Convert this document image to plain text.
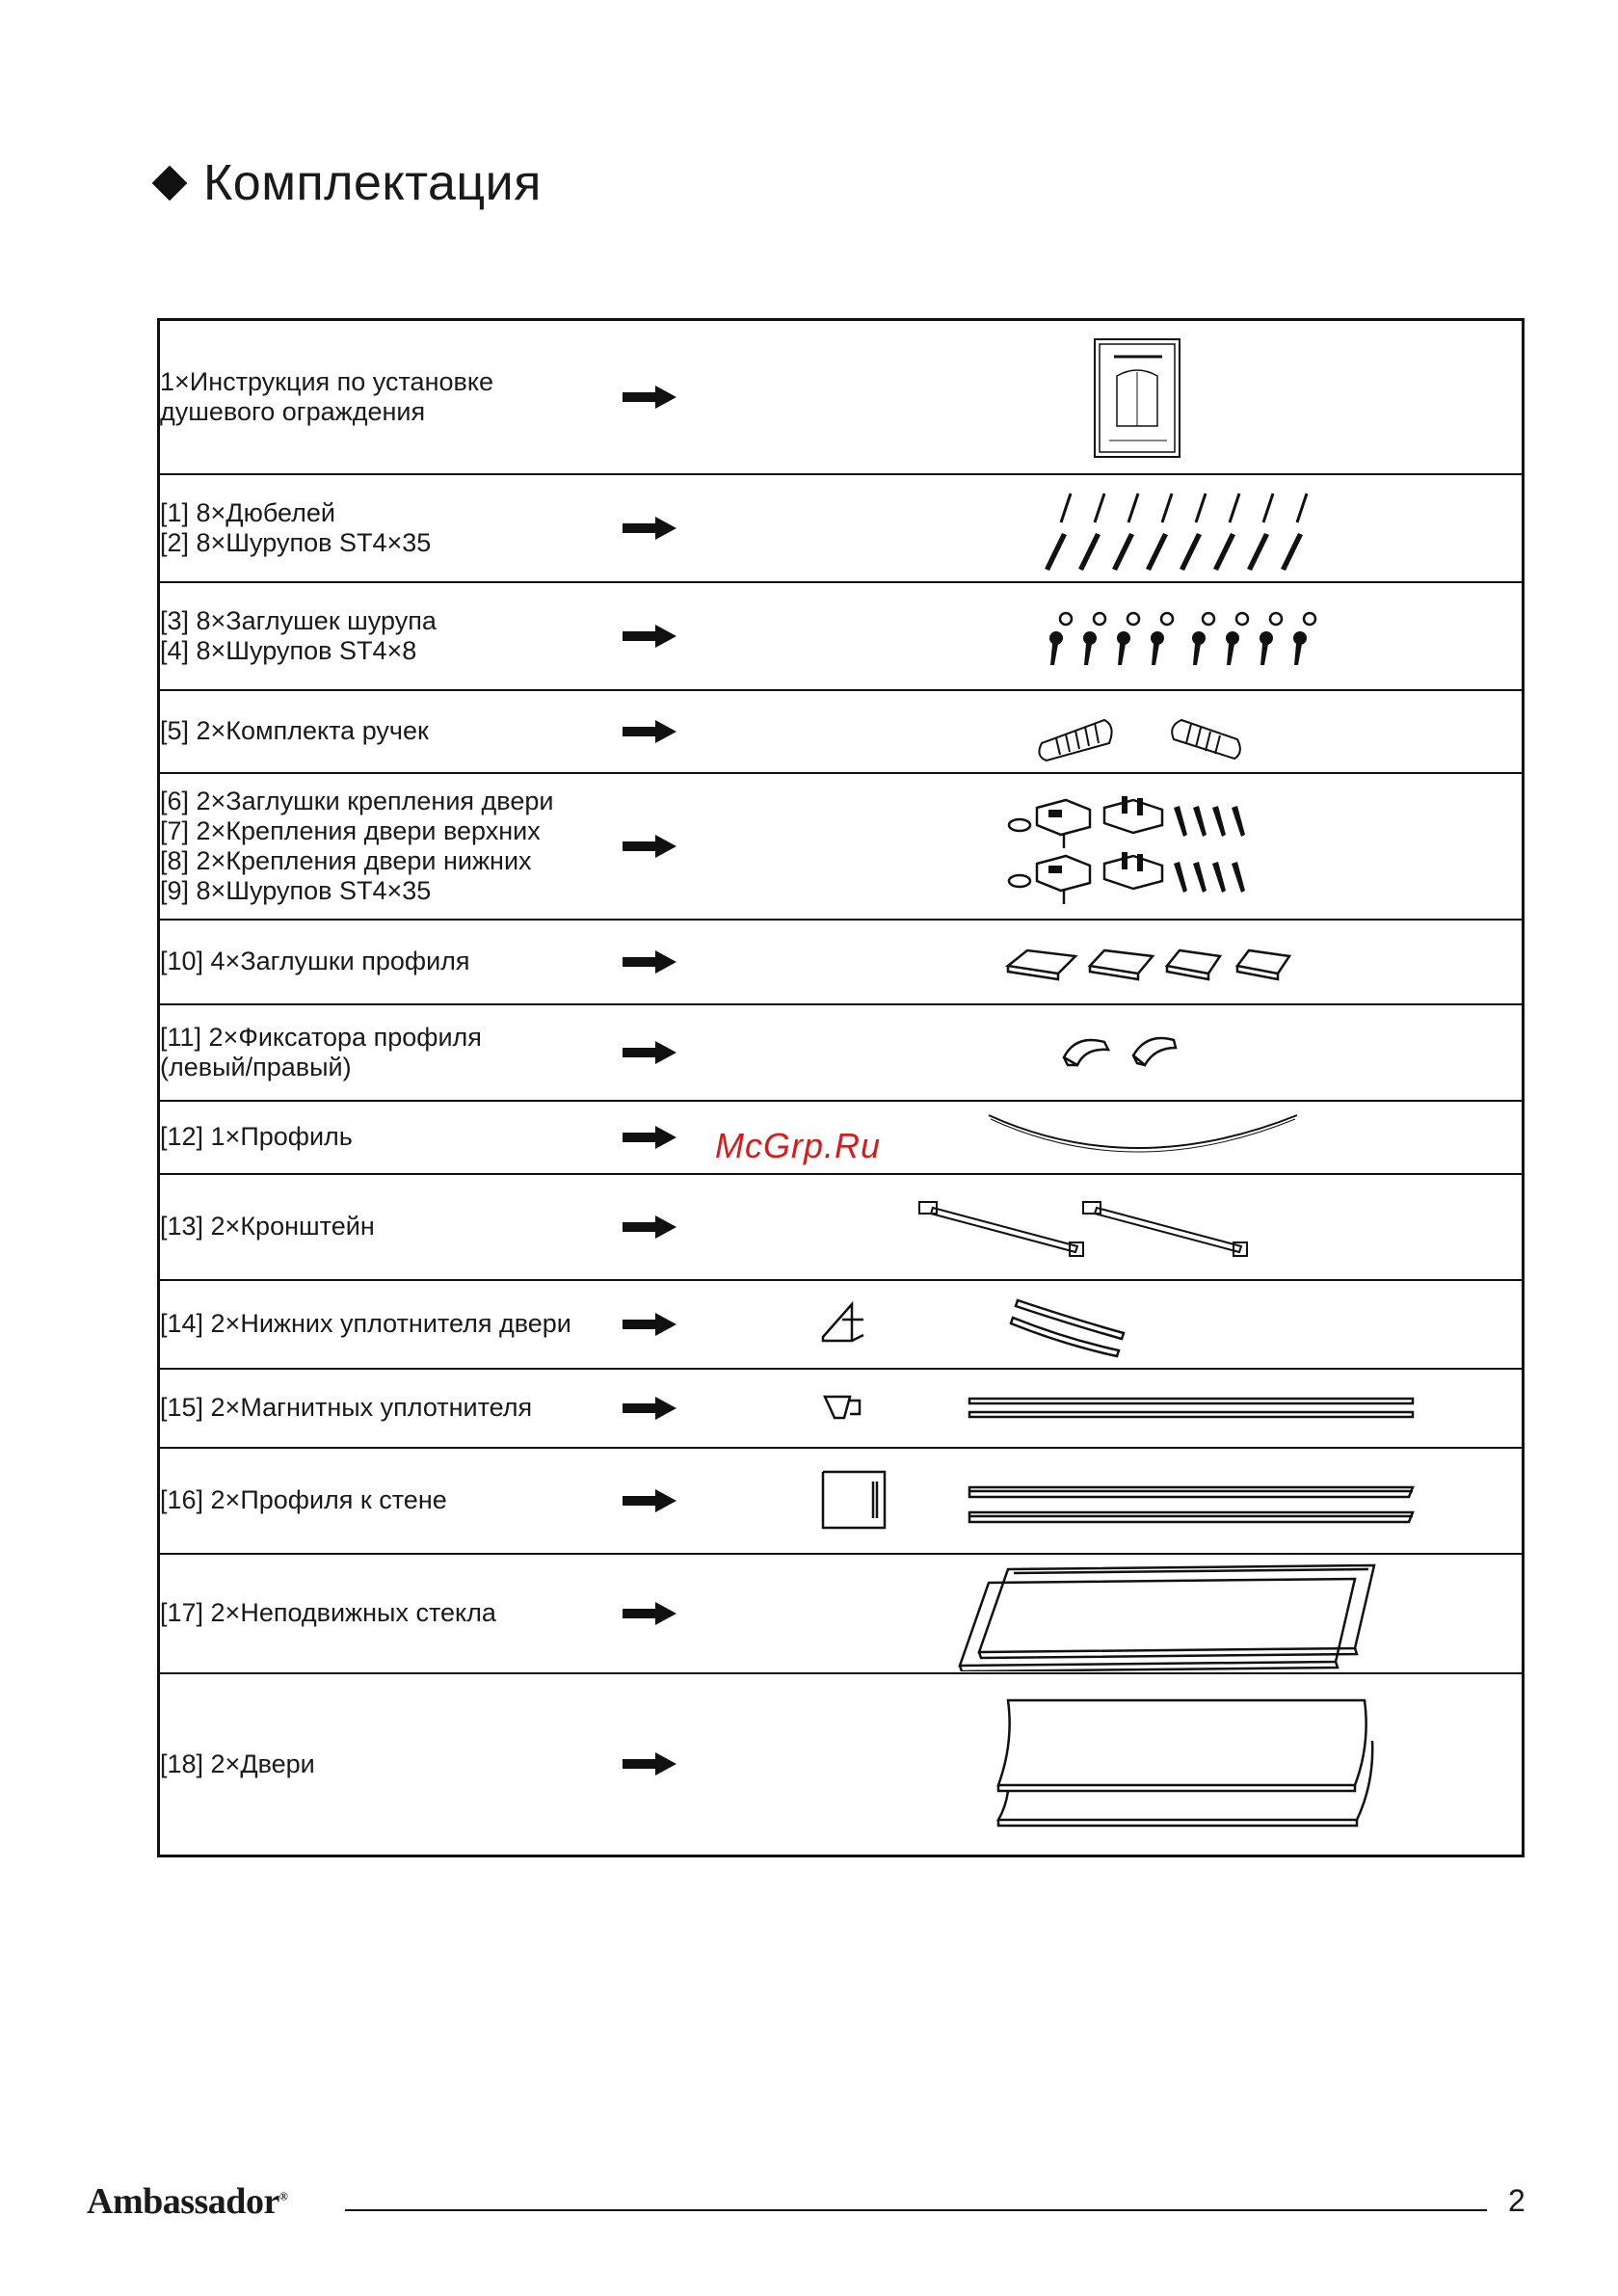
Комплектация
1×Инструкция по установке
душевого ограждения

[1] 8×Дюбелей
[2] 8×Шурупов ST4×35

[3] 8×Заглушек шурупа
[4] 8×Шурупов ST4×8

[5] 2×Комплекта ручек

[6] 2×Заглушки крепления двери
[7] 2×Крепления двери верхних
[8] 2×Крепления двери нижних
[9] 8×Шурупов ST4×35

[10] 4×Заглушки профиля

[11] 2×Фиксатора профиля
(левый/правый)

[12] 1×Профиль

[13] 2×Кронштейн

[14] 2×Нижних уплотнителя двери

[15] 2×Магнитных уплотнителя

[16] 2×Профиля к стене

[17] 2×Неподвижных стекла

[18] 2×Двери

McGrp.Ru
Ambassador®	2
